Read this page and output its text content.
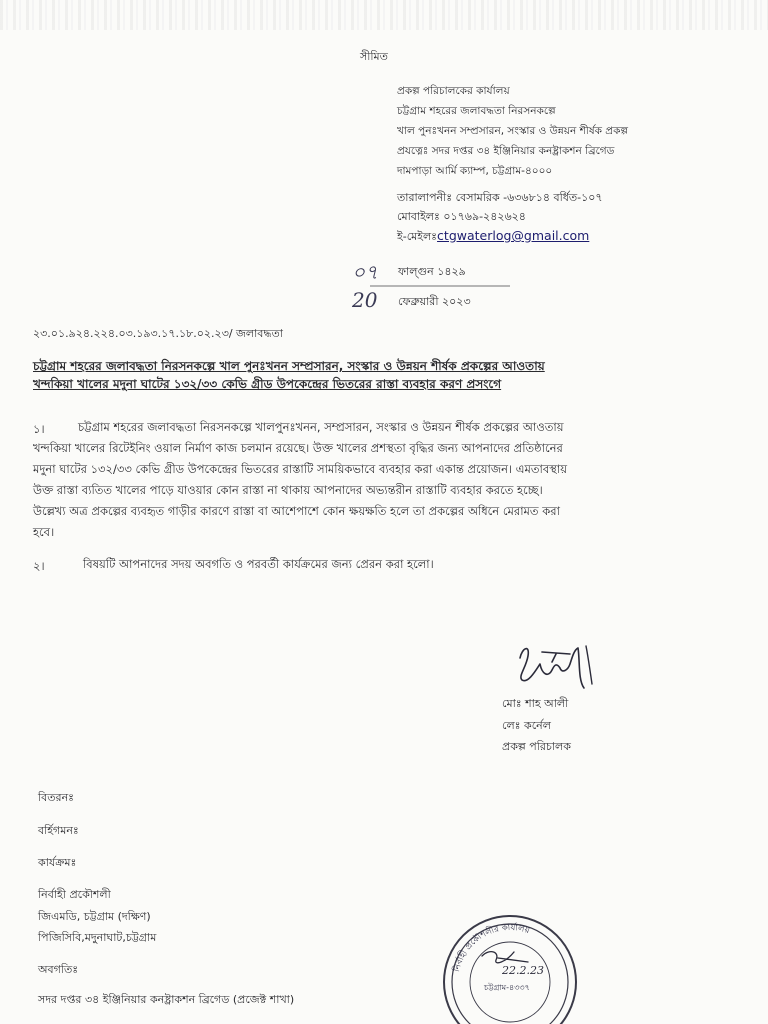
সীমিত
প্রকল্প পরিচালকের কার্যালয়
চট্টগ্রাম শহরের জলাবদ্ধতা নিরসনকল্পে
খাল পুনঃখনন সম্প্রসারন, সংস্কার ও উন্নয়ন শীর্ষক প্রকল্প
প্রযত্নেঃ সদর দপ্তর ৩৪ ইঞ্জিনিয়ার কনষ্ট্রাকশন ব্রিগেড
দামপাড়া আর্মি ক্যাম্প, চট্টগ্রাম-৪০০০
তারালাপনীঃ বেসামরিক -৬৩৬৮১৪ বর্ধিত-১০৭
মোবাইলঃ ০১৭৬৯-২৪২৬২৪
ই-মেইলঃctgwaterlog@gmail.com
০৭ ফাল্গুন ১৪২৯
20 ফেব্রুয়ারী ২০২৩
২৩.০১.৯২৪.২২৪.০৩.১৯৩.১৭.১৮.০২.২৩/ জলাবদ্ধতা
চট্টগ্রাম শহরের জলাবদ্ধতা নিরসনকল্পে খাল পুনঃখনন সম্প্রসারন, সংস্কার ও উন্নয়ন শীর্ষক প্রকল্পের আওতায়
খন্দকিয়া খালের মদুনা ঘাটের ১৩২/৩৩ কেভি গ্রীড উপকেন্দ্রের ভিতরের রাস্তা ব্যবহার করণ প্রসংগে
১।	চট্টগ্রাম শহরের জলাবদ্ধতা নিরসনকল্পে খালপুনঃখনন, সম্প্রসারন, সংস্কার ও উন্নয়ন শীর্ষক প্রকল্পের আওতায়
খন্দকিয়া খালের রিটেইনিং ওয়াল নির্মাণ কাজ চলমান রয়েছে। উক্ত খালের প্রশস্থতা বৃদ্ধির জন্য আপনাদের প্রতিষ্ঠানের
মদুনা ঘাটের ১৩২/৩৩ কেভি গ্রীড উপকেন্দ্রের ভিতরের রাস্তাটি সাময়িকভাবে ব্যবহার করা একান্ত প্রয়োজন। এমতাবস্থায়
উক্ত রাস্তা ব্যতিত খালের পাড়ে যাওয়ার কোন রাস্তা না থাকায় আপনাদের অভ্যন্তরীন রাস্তাটি ব্যবহার করতে হচ্ছে।
উল্লেখ্য অত্র প্রকল্পের ব্যবহৃত গাড়ীর কারণে রাস্তা বা আশেপাশে কোন ক্ষয়ক্ষতি হলে তা প্রকল্পের অধিনে মেরামত করা
হবে।
২।	বিষয়টি আপনাদের সদয় অবগতি ও পরবর্তী কার্যক্রমের জন্য প্রেরন করা হলো।
মোঃ শাহ আলী
লেঃ কর্নেল
প্রকল্প পরিচালক
বিতরনঃ
বর্হিগমনঃ
কার্যক্রমঃ
নির্বাহী প্রকৌশলী
জিএমডি, চট্টগ্রাম (দক্ষিণ)
পিজিসিবি,মদুনাঘাট,চট্টগ্রাম
অবগতিঃ
সদর দপ্তর ৩৪ ইঞ্জিনিয়ার কনষ্ট্রাকশন ব্রিগেড (প্রজেক্ট শাখা)
নির্বাহী প্রকৌশলীর কার্যালয়
22.2.23
চট্টগ্রাম-৪৩৩৭
